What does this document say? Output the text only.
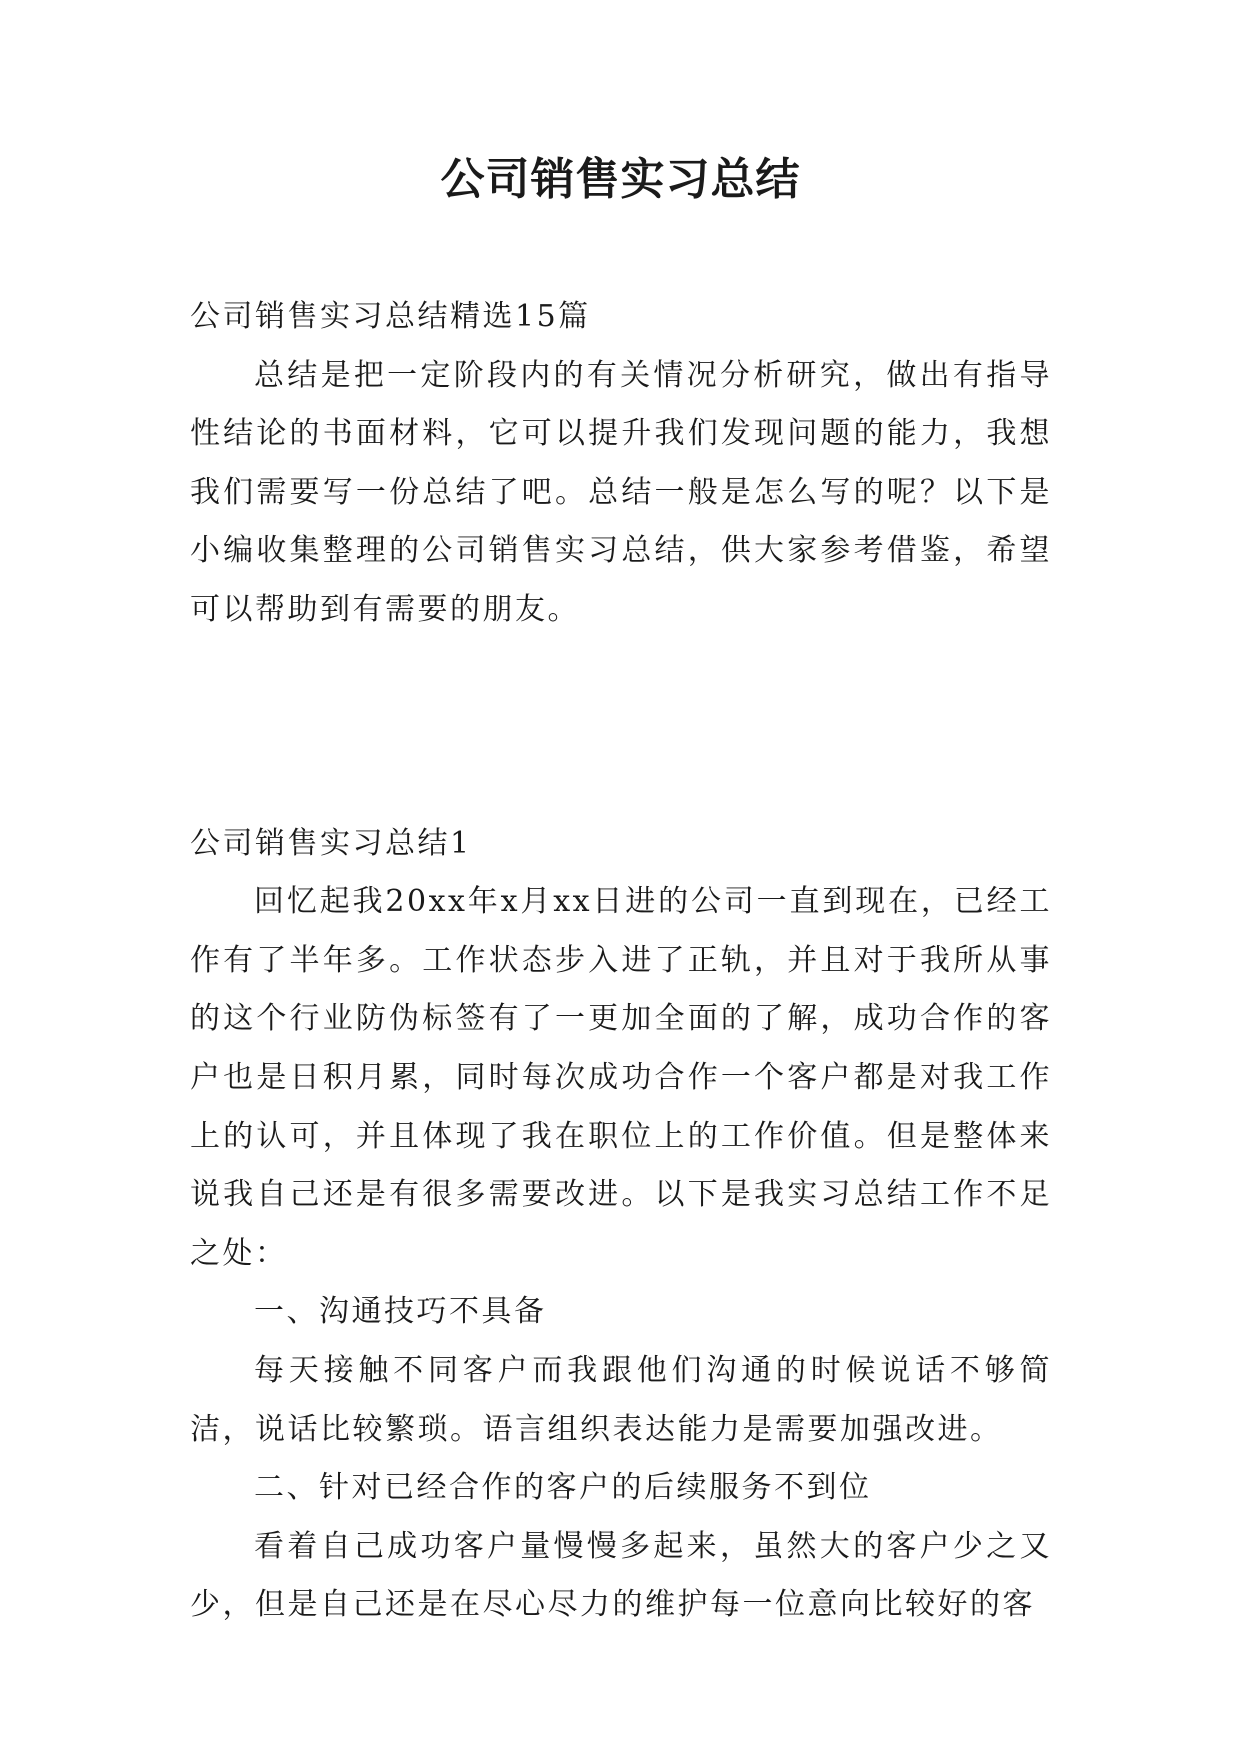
公司销售实习总结

公司销售实习总结精选15篇

总结是把一定阶段内的有关情况分析研究，做出有指导性结论的书面材料，它可以提升我们发现问题的能力，我想我们需要写一份总结了吧。总结一般是怎么写的呢？以下是小编收集整理的公司销售实习总结，供大家参考借鉴，希望可以帮助到有需要的朋友。

公司销售实习总结1

回忆起我20xx年x月xx日进的公司一直到现在，已经工作有了半年多。工作状态步入进了正轨，并且对于我所从事的这个行业防伪标签有了一更加全面的了解，成功合作的客户也是日积月累，同时每次成功合作一个客户都是对我工作上的认可，并且体现了我在职位上的工作价值。但是整体来说我自己还是有很多需要改进。以下是我实习总结工作不足之处：

一、沟通技巧不具备

每天接触不同客户而我跟他们沟通的时候说话不够简洁，说话比较繁琐。语言组织表达能力是需要加强改进。

二、针对已经合作的客户的后续服务不到位

看着自己成功客户量慢慢多起来，虽然大的客户少之又少，但是自己还是在尽心尽力的维护每一位意向比较好的客
